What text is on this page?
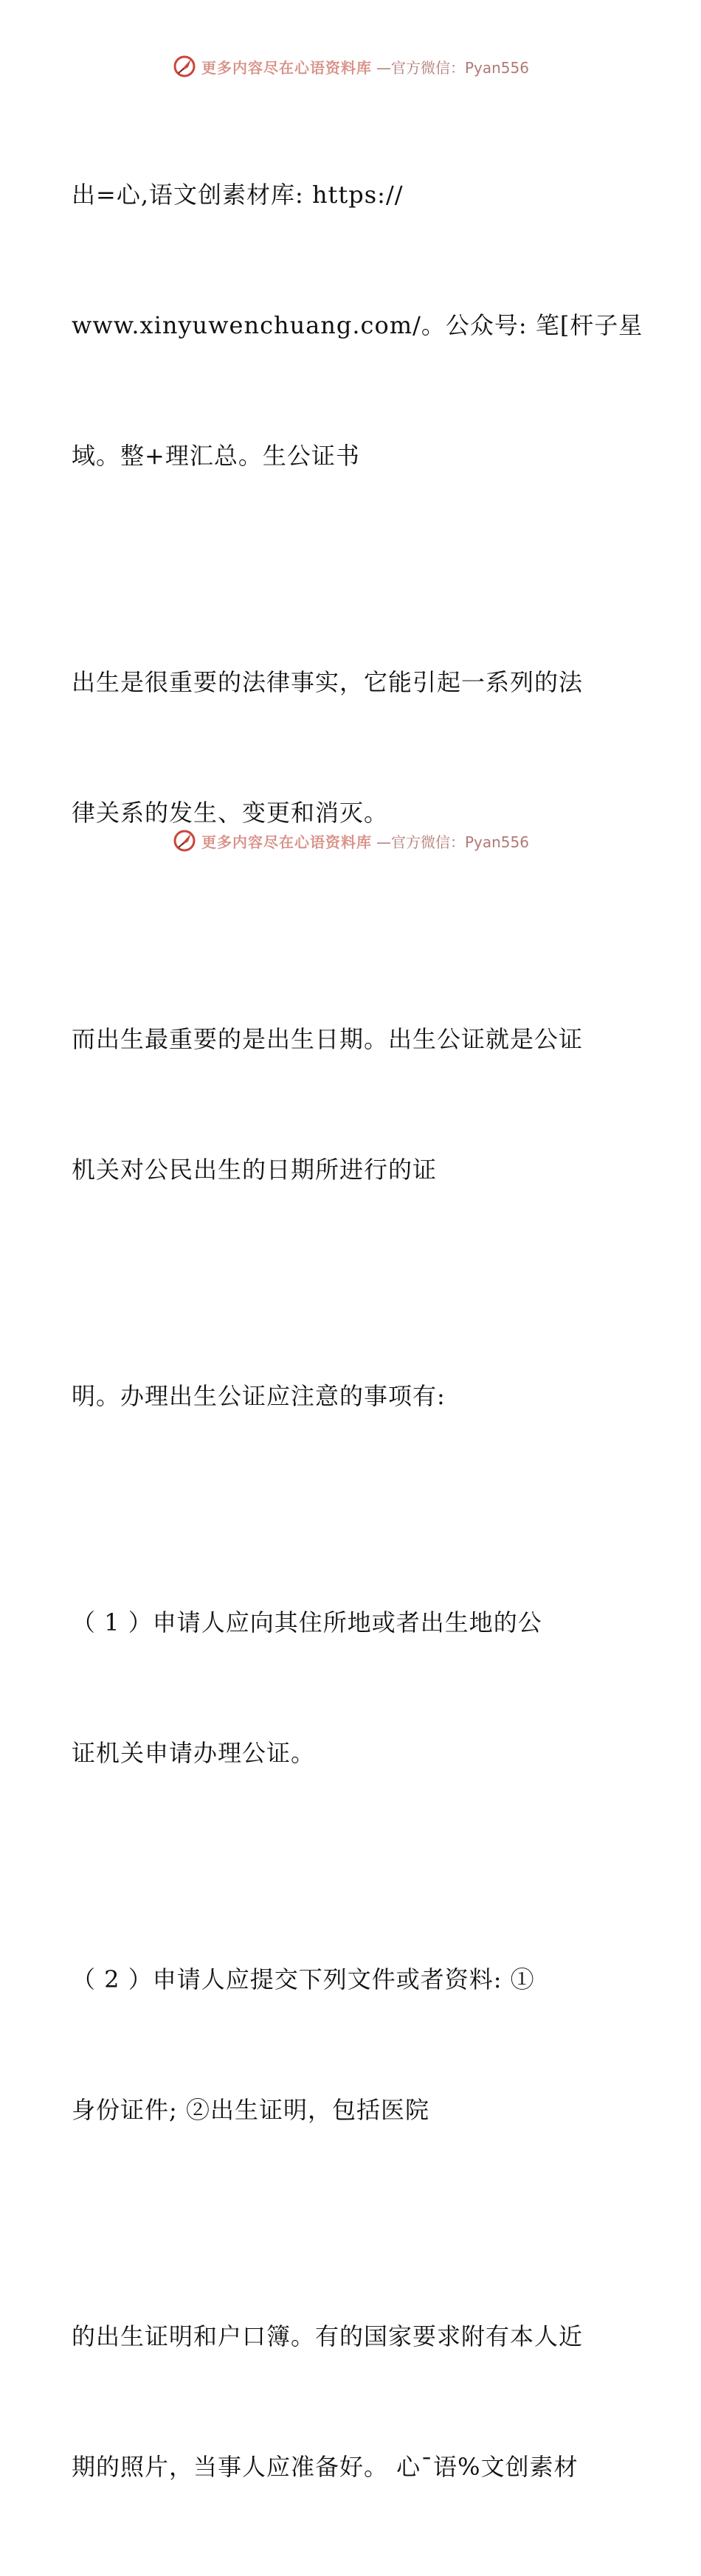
更多内容尽在心语资料库 —官方微信：Pyan556

出=心,语文创素材库: https://

www.xinyuwenchuang.com/。公众号: 笔[杆子星

域。整+理汇总。生公证书

出生是很重要的法律事实，它能引起一系列的法

律关系的发生、变更和消灭。

而出生最重要的是出生日期。出生公证就是公证

机关对公民出生的日期所进行的证

明。办理出生公证应注意的事项有:

（ 1 ）申请人应向其住所地或者出生地的公

证机关申请办理公证。

（ 2 ）申请人应提交下列文件或者资料: ①

身份证件; ②出生证明，包括医院

的出生证明和户口簿。有的国家要求附有本人近

期的照片，当事人应准备好。 心¯语%文创素材

更多内容尽在心语资料库 —官方微信：Pyan556
